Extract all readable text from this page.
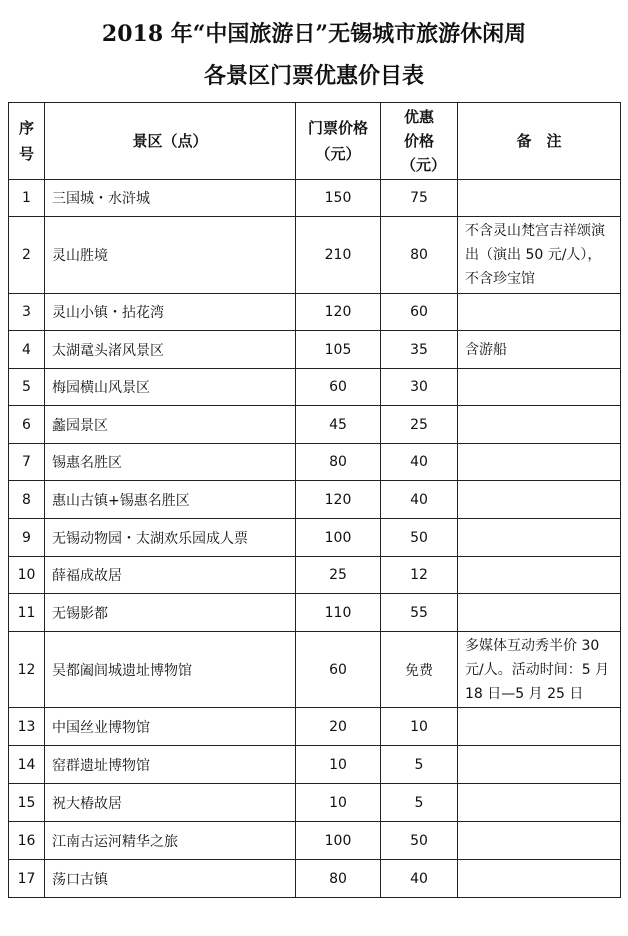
2018 年“中国旅游日”无锡城市旅游休闲周
各景区门票优惠价目表
序号	景区（点）	门票价格（元）	优惠价格（元）	备　注
1	三国城・水浒城	150	75	
2	灵山胜境	210	80	不含灵山梵宫吉祥颂演出（演出 50 元/人），不含珍宝馆
3	灵山小镇・拈花湾	120	60	
4	太湖鼋头渚风景区	105	35	含游船
5	梅园横山风景区	60	30	
6	蠡园景区	45	25	
7	锡惠名胜区	80	40	
8	惠山古镇+锡惠名胜区	120	40	
9	无锡动物园・太湖欢乐园成人票	100	50	
10	薛福成故居	25	12	
11	无锡影都	110	55	
12	吴都阖闾城遗址博物馆	60	免费	多媒体互动秀半价 30 元/人。活动时间：5 月 18 日—5 月 25 日
13	中国丝业博物馆	20	10	
14	窑群遗址博物馆	10	5	
15	祝大椿故居	10	5	
16	江南古运河精华之旅	100	50	
17	荡口古镇	80	40	
